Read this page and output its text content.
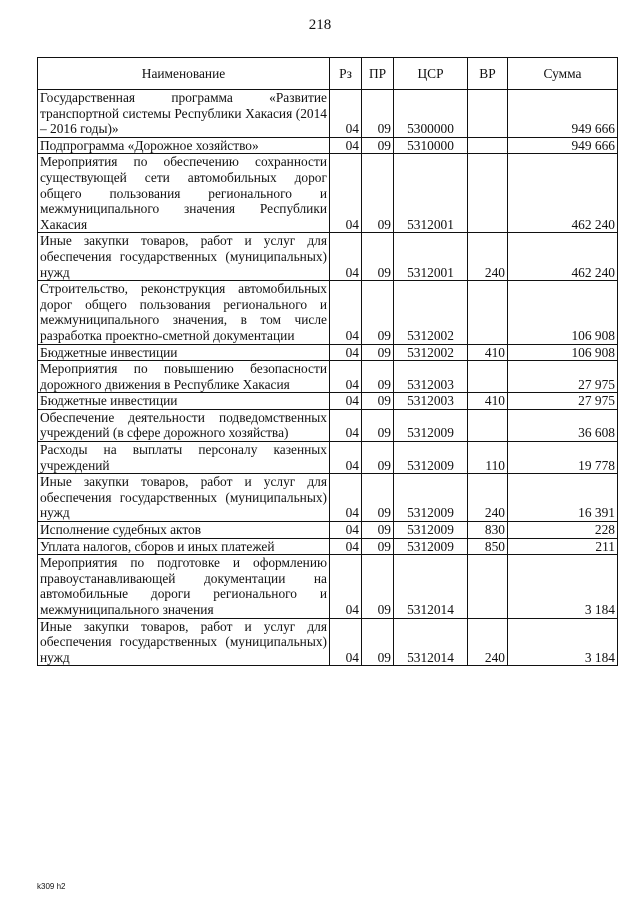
218
Наименование	Рз	ПР	ЦСР	ВР	Сумма
Государственная программа «Развитие транспортной системы Республики Хакасия (2014 – 2016 годы)»	04	09	5300000		949 666
Подпрограмма «Дорожное хозяйство»	04	09	5310000		949 666
Мероприятия по обеспечению сохранности существующей сети автомобильных дорог общего пользования регионального и межмуниципального значения Республики Хакасия	04	09	5312001		462 240
Иные закупки товаров, работ и услуг для обеспечения государственных (муниципальных) нужд	04	09	5312001	240	462 240
Строительство, реконструкция автомобильных дорог общего пользования регионального и межмуниципального значения, в том числе разработка проектно-сметной документации	04	09	5312002		106 908
Бюджетные инвестиции	04	09	5312002	410	106 908
Мероприятия по повышению безопасности дорожного движения в Республике Хакасия	04	09	5312003		27 975
Бюджетные инвестиции	04	09	5312003	410	27 975
Обеспечение деятельности подведомственных учреждений (в сфере дорожного хозяйства)	04	09	5312009		36 608
Расходы на выплаты персоналу казенных учреждений	04	09	5312009	110	19 778
Иные закупки товаров, работ и услуг для обеспечения государственных (муниципальных) нужд	04	09	5312009	240	16 391
Исполнение судебных актов	04	09	5312009	830	228
Уплата налогов, сборов и иных платежей	04	09	5312009	850	211
Мероприятия по подготовке и оформлению правоустанавливающей документации на автомобильные дороги регионального и межмуниципального значения	04	09	5312014		3 184
Иные закупки товаров, работ и услуг для обеспечения государственных (муниципальных) нужд	04	09	5312014	240	3 184
k309 h2
